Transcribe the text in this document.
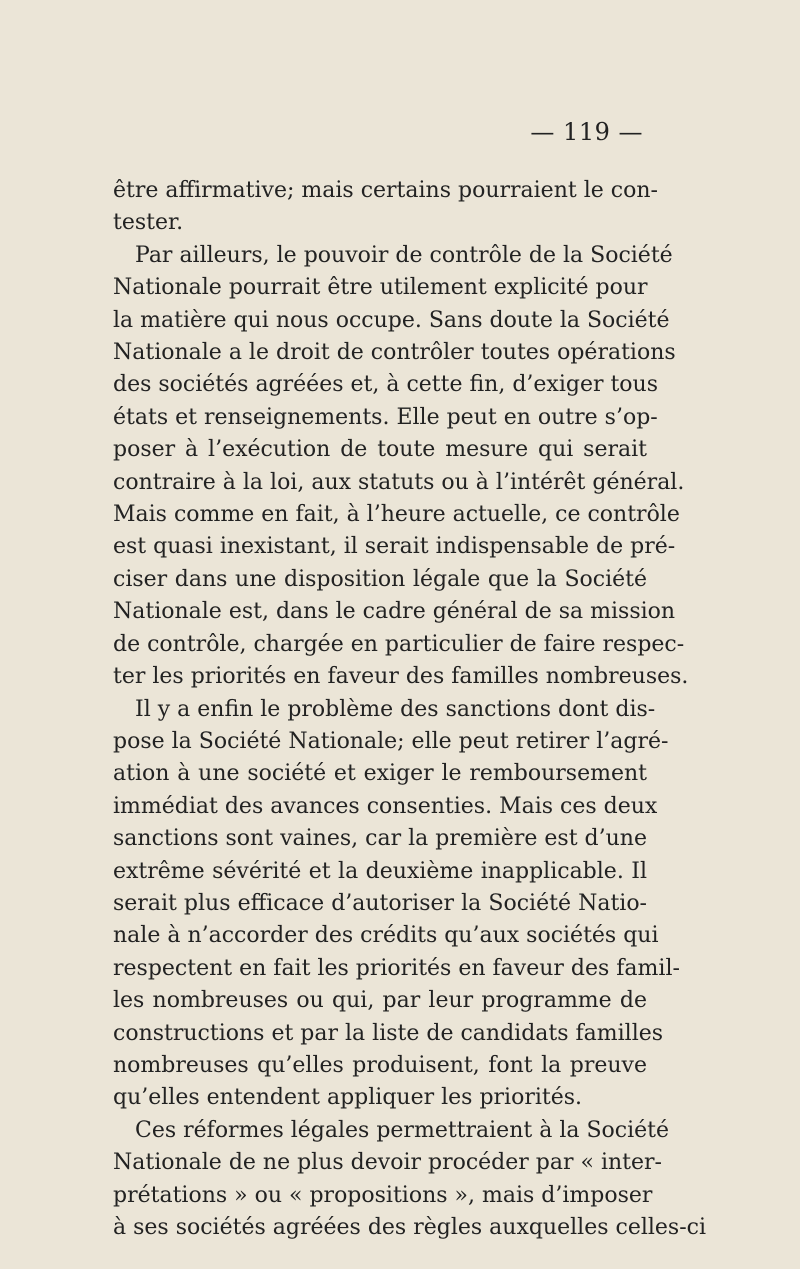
— 119 —
être affirmative; mais certains pourraient le con-
tester.
Par ailleurs, le pouvoir de contrôle de la Société
Nationale pourrait être utilement explicité pour
la matière qui nous occupe. Sans doute la Société
Nationale a le droit de contrôler toutes opérations
des sociétés agréées et, à cette fin, d’exiger tous
états et renseignements. Elle peut en outre s’op-
poser à l’exécution de toute mesure qui serait
contraire à la loi, aux statuts ou à l’intérêt général.
Mais comme en fait, à l’heure actuelle, ce contrôle
est quasi inexistant, il serait indispensable de pré-
ciser dans une disposition légale que la Société
Nationale est, dans le cadre général de sa mission
de contrôle, chargée en particulier de faire respec-
ter les priorités en faveur des familles nombreuses.
Il y a enfin le problème des sanctions dont dis-
pose la Société Nationale; elle peut retirer l’agré-
ation à une société et exiger le remboursement
immédiat des avances consenties. Mais ces deux
sanctions sont vaines, car la première est d’une
extrême sévérité et la deuxième inapplicable. Il
serait plus efficace d’autoriser la Société Natio-
nale à n’accorder des crédits qu’aux sociétés qui
respectent en fait les priorités en faveur des famil-
les nombreuses ou qui, par leur programme de
constructions et par la liste de candidats familles
nombreuses qu’elles produisent, font la preuve
qu’elles entendent appliquer les priorités.
Ces réformes légales permettraient à la Société
Nationale de ne plus devoir procéder par « inter-
prétations » ou « propositions », mais d’imposer
à ses sociétés agréées des règles auxquelles celles-ci
